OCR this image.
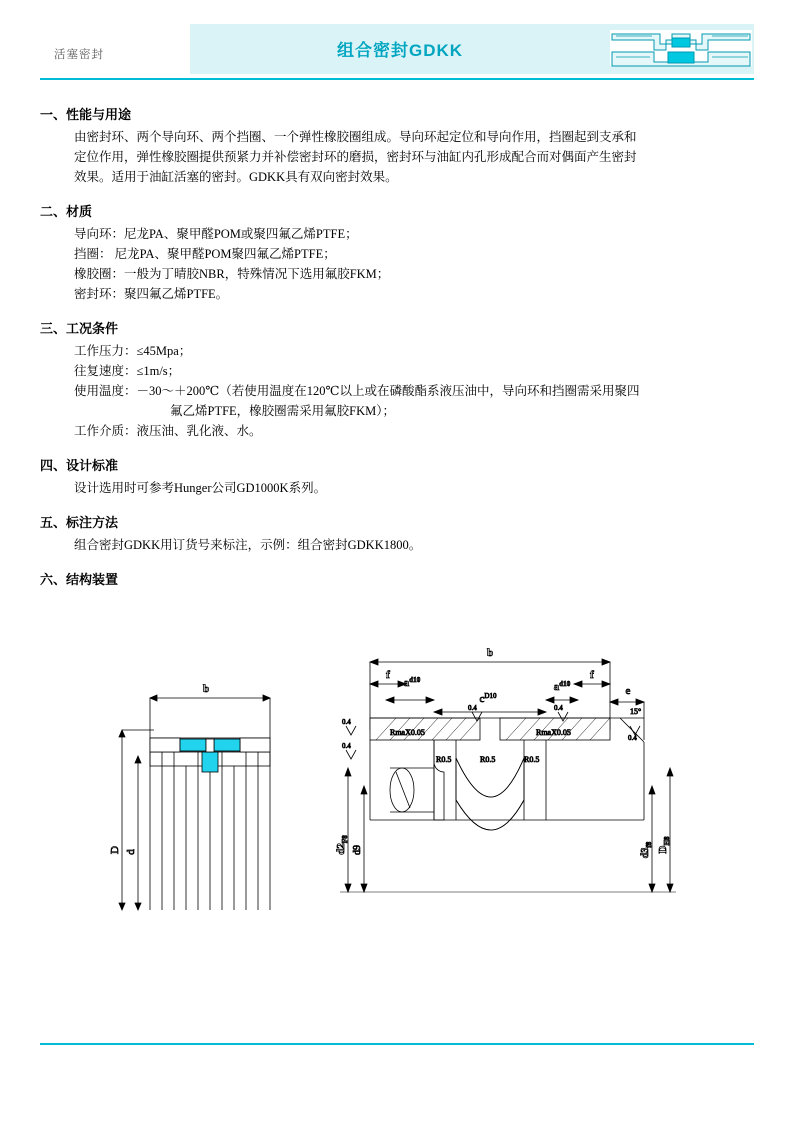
活塞密封	组合密封GDKK
一、性能与用途

由密封环、两个导向环、两个挡圈、一个弹性橡胶圈组成。导向环起定位和导向作用，挡圈起到支承和

定位作用，弹性橡胶圈提供预紧力并补偿密封环的磨损，密封环与油缸内孔形成配合而对偶面产生密封

效果。适用于油缸活塞的密封。GDKK具有双向密封效果。

二、材质

导向环：尼龙PA、聚甲醛POM或聚四氟乙烯PTFE；

挡圈： 尼龙PA、聚甲醛POM聚四氟乙烯PTFE；

橡胶圈：一般为丁晴胶NBR，特殊情况下选用氟胶FKM；

密封环：聚四氟乙烯PTFE。

三、工况条件

工作压力：≤45Mpa；

往复速度：≤1m/s；

使用温度：－30～＋200℃（若使用温度在120℃以上或在磷酸酯系液压油中，导向环和挡圈需采用聚四

氟乙烯PTFE，橡胶圈需采用氟胶FKM）；

工作介质：液压油、乳化液、水。

四、设计标准

设计选用时可参考Hunger公司GD1000K系列。

五、标注方法

组合密封GDKK用订货号来标注，示例：组合密封GDKK1800。

六、结构装置
b
D d
b
f	f
$a^{d10}$
$a^{d10}$
$c^{D10}$	e
RmaX0.05	RmaX0.05
0.4	0.4	15°
0.4
R0.5	R0.5	R0.5
0.4
0.4
$d2_{F8}$
d9	$d3_{f8}$
$D_{H8}$
